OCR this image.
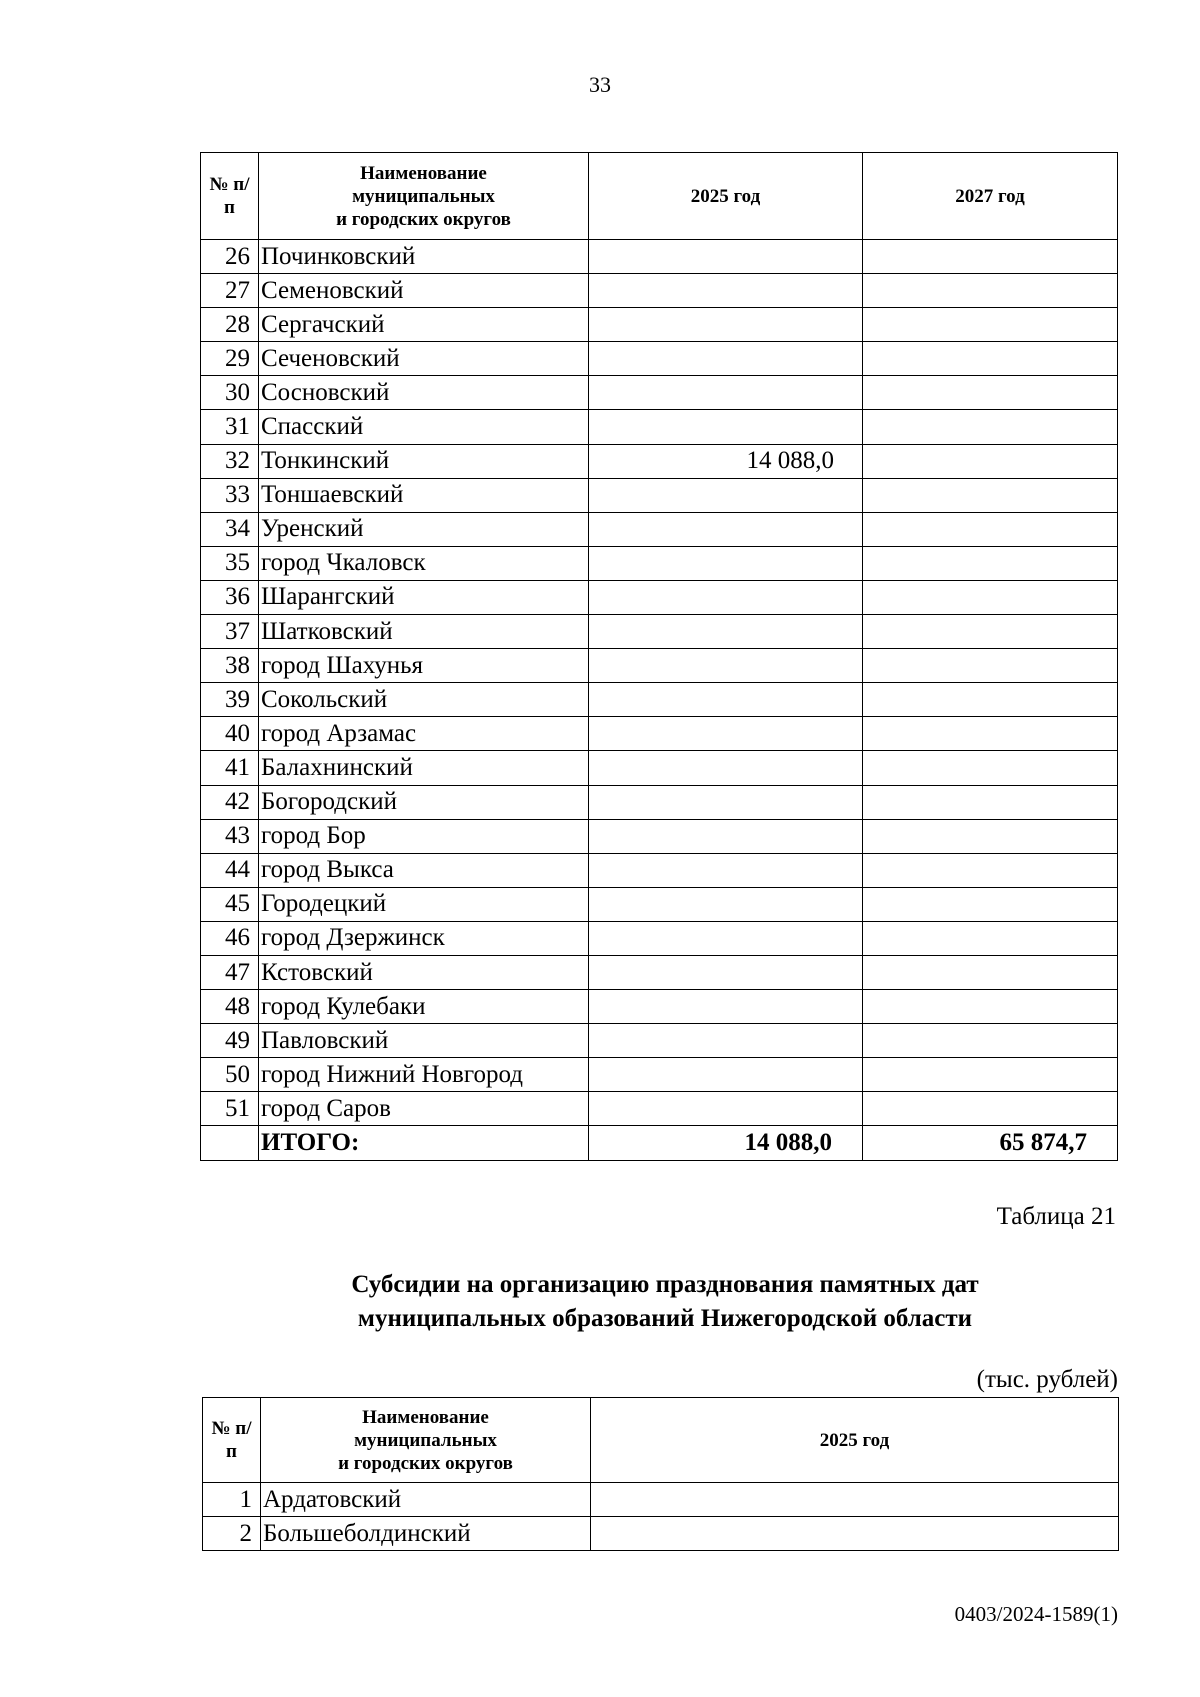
33
№ п/п	Наименование
муниципальных
и городских округов	2025 год	2027 год
26	Починковский		
27	Семеновский		
28	Сергачский		
29	Сеченовский		
30	Сосновский		
31	Спасский		
32	Тонкинский	14 088,0	
33	Тоншаевский		
34	Уренский		
35	город Чкаловск		
36	Шарангский		
37	Шатковский		
38	город Шахунья		
39	Сокольский		
40	город Арзамас		
41	Балахнинский		
42	Богородский		
43	город Бор		
44	город Выкса		
45	Городецкий		
46	город Дзержинск		
47	Кстовский		
48	город Кулебаки		
49	Павловский		
50	город Нижний Новгород		
51	город Саров		
	ИТОГО:	14 088,0	65 874,7
Таблица 21
Субсидии на организацию празднования памятных дат
муниципальных образований Нижегородской области
(тыс. рублей)
№ п/п	Наименование
муниципальных
и городских округов	2025 год
1	Ардатовский	
2	Большеболдинский	
0403/2024-1589(1)
